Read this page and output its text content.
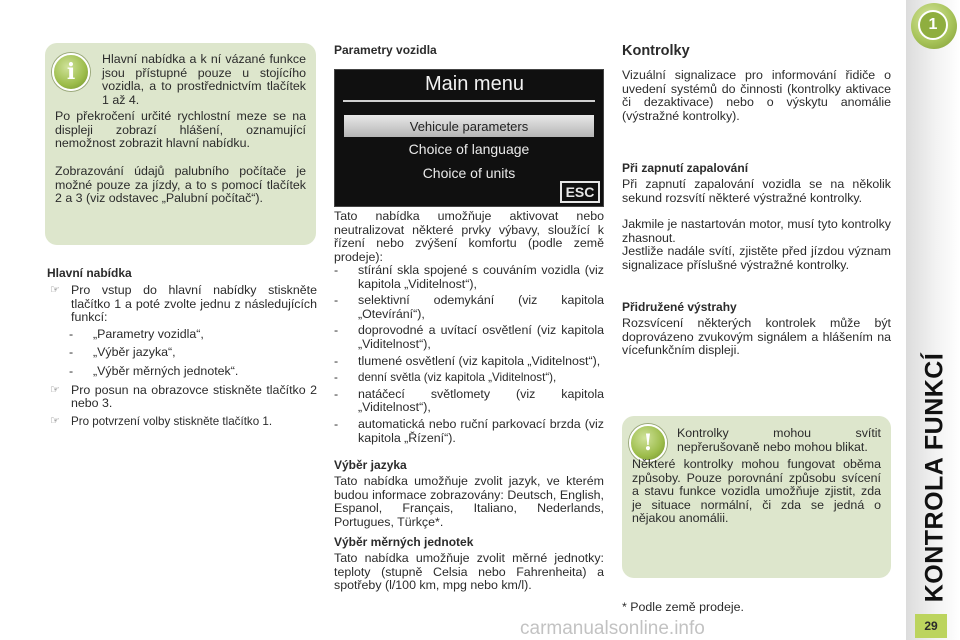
1
KONTROLA FUNKCÍ
29
i	Hlavní nabídka a k ní vázané funkce jsou přístupné pouze u stojícího vozidla, a to prostřednictvím tlačítek 1 až 4.

Po překročení určité rychlostní meze se na displeji zobrazí hlášení, oznamující nemožnost zobrazit hlavní nabídku.

Zobrazování údajů palubního počítače je možné pouze za jízdy, a to s pomocí tlačítek 2 a 3 (viz odstavec „Palubní počítač“).

Hlavní nabídka

☞ Pro vstup do hlavní nabídky stiskněte tlačítko 1 a poté zvolte jednu z následujících funkcí:
- „Parametry vozidla“,
- „Výběr jazyka“,
- „Výběr měrných jednotek“.
☞ Pro posun na obrazovce stiskněte tlačítko 2 nebo 3.
☞ Pro potvrzení volby stiskněte tlačítko 1.

Parametry vozidla

Main menu
Vehicule parameters
Choice of language
Choice of units
ESC

Tato nabídka umožňuje aktivovat nebo neutralizovat některé prvky výbavy, sloužící k řízení nebo zvýšení komfortu (podle země prodeje):

- stírání skla spojené s couváním vozidla (viz kapitola „Viditelnost“),
- selektivní odemykání (viz kapitola „Otevírání“),
- doprovodné a uvítací osvětlení (viz kapitola „Viditelnost“),
- tlumené osvětlení (viz kapitola „Viditelnost“),
- denní světla (viz kapitola „Viditelnost“),
- natáčecí světlomety (viz kapitola „Viditelnost“),
- automatická nebo ruční parkovací brzda (viz kapitola „Řízení“).

Výběr jazyka

Tato nabídka umožňuje zvolit jazyk, ve kterém budou informace zobrazovány: Deutsch, English, Espanol, Français, Italiano, Nederlands, Portugues, Türkçe*.

Výběr měrných jednotek

Tato nabídka umožňuje zvolit měrné jednotky: teploty (stupně Celsia nebo Fahrenheita) a spotřeby (l/100 km, mpg nebo km/l).

Kontrolky

Vizuální signalizace pro informování řidiče o uvedení systémů do činnosti (kontrolky aktivace či dezaktivace) nebo o výskytu anomálie (výstražné kontrolky).

Při zapnutí zapalování

Při zapnutí zapalování vozidla se na několik sekund rozsvítí některé výstražné kontrolky.

Jakmile je nastartován motor, musí tyto kontrolky zhasnout.

Jestliže nadále svítí, zjistěte před jízdou význam signalizace příslušné výstražné kontrolky.

Přidružené výstrahy

Rozsvícení některých kontrolek může být doprovázeno zvukovým signálem a hlášením na vícefunkčním displeji.

!	Kontrolky mohou svítit nepřerušovaně nebo mohou blikat.

Některé kontrolky mohou fungovat oběma způsoby. Pouze porovnání způsobu svícení a stavu funkce vozidla umožňuje zjistit, zda je situace normální, či zda se jedná o nějakou anomálii.

* Podle země prodeje.

carmanualsonline.info
